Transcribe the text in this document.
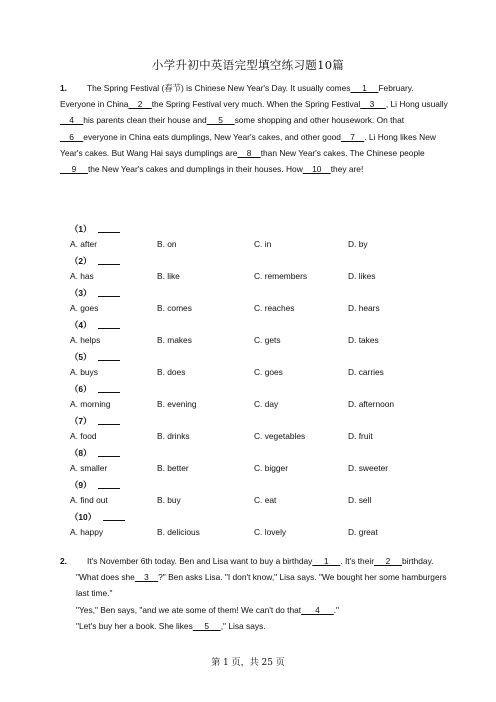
小学升初中英语完型填空练习题10篇
1. The Spring Festival (春节) is Chinese New Year's Day. It usually comes     1     February. Everyone in China    2    the Spring Festival very much. When the Spring Festival    3     , Li Hong usually    4    his parents clean their house and     5     some shopping and other housework. On that    6    everyone in China eats dumplings, New Year's cakes, and other good    7    . Li Hong likes New Year's cakes. But Wang Hai says dumplings are    8    than New Year's cakes. The Chinese people     9     the New Year's cakes and dumplings in their houses. How    10    they are!
（1）
A. after	B. on	C. in	D. by
（2）
A. has	B. like	C. remembers	D. likes
（3）
A. goes	B. comes	C. reaches	D. hears
（4）
A. helps	B. makes	C. gets	D. takes
（5）
A. buys	B. does	C. goes	D. carries
（6）
A. morning	B. evening	C. day	D. afternoon
（7）
A. food	B. drinks	C. vegetables	D. fruit
（8）
A. smaller	B. better	C. bigger	D. sweeter
（9）
A. find out	B. buy	C. eat	D. sell
（10）
A. happy	B. delicious	C. lovely	D. great
2. It's November 6th today. Ben and Lisa want to buy a birthday     1     . It's their     2     birthday.
"What does she    3    ?" Ben asks Lisa. "I don't know," Lisa says. "We bought her some hamburgers last time."
"Yes," Ben says, "and we ate some of them! We can't do that      4      ."
"Let's buy her a book. She likes     5     ," Lisa says.
第 1 页，共 25 页
